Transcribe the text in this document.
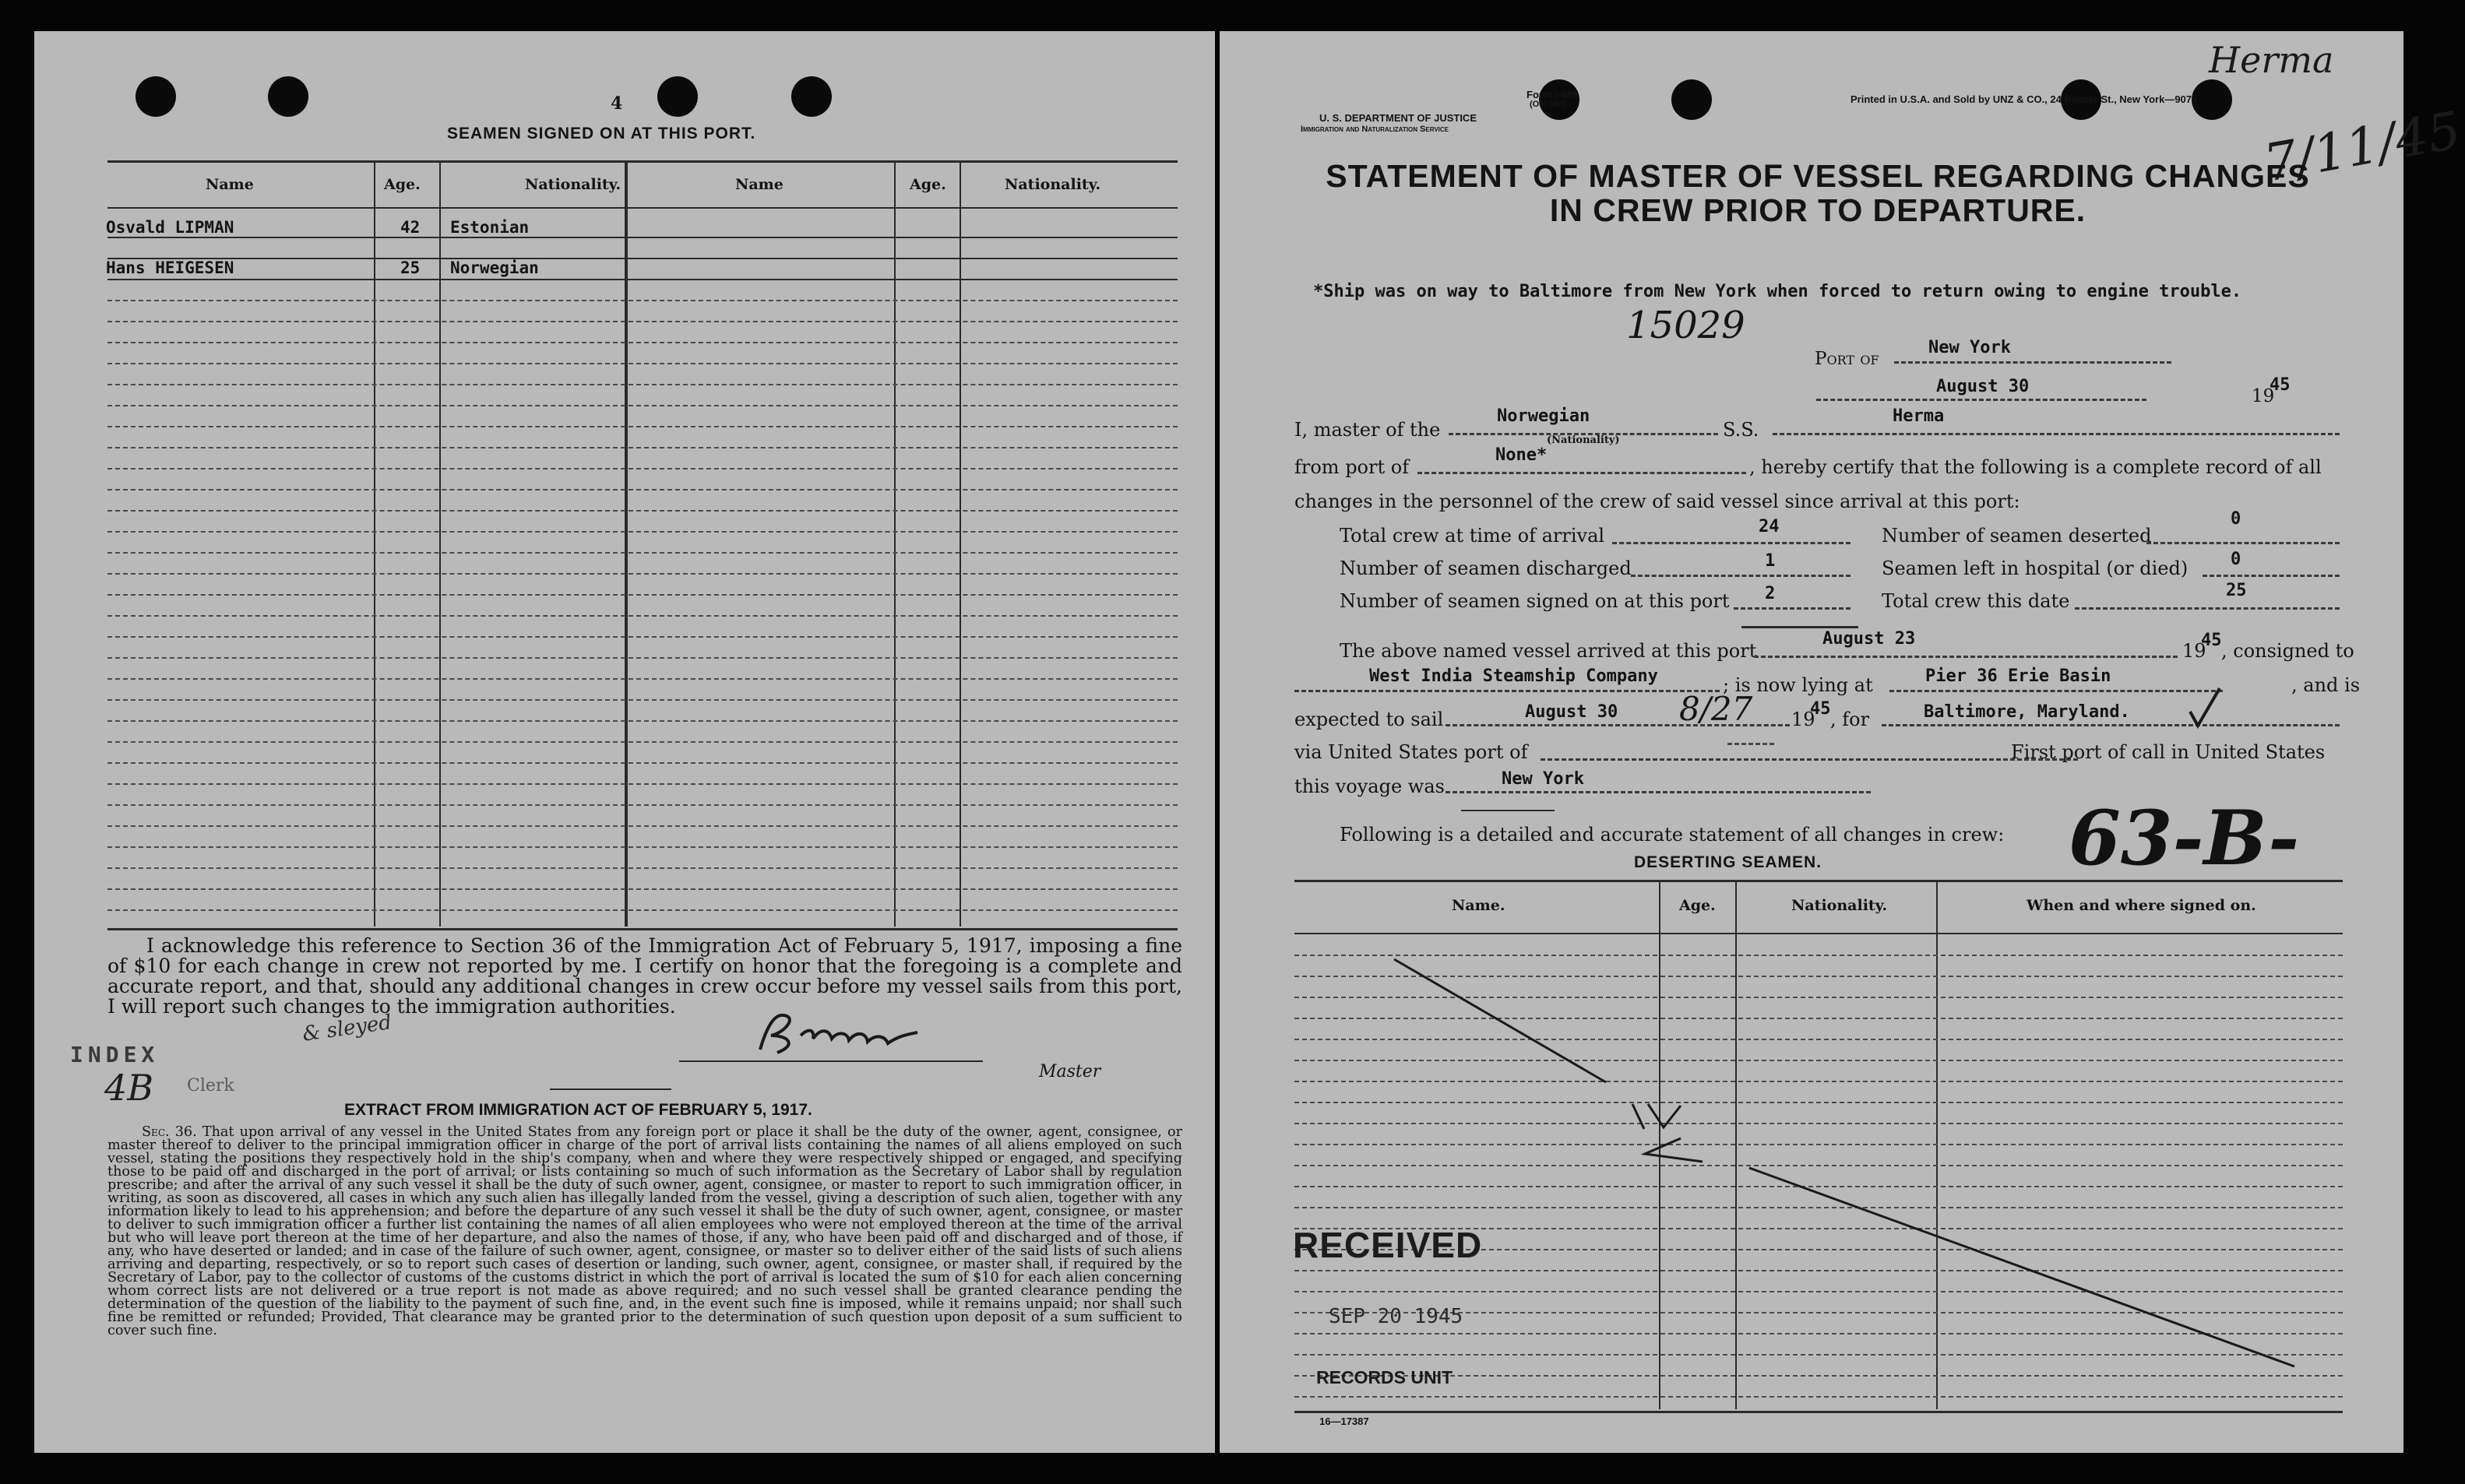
4
SEAMEN SIGNED ON AT THIS PORT.
Name	Age.	Nationality.	Name	Age.	Nationality.
Osvald LIPMAN	42 Estonian
Hans HEIGESEN	25 Norwegian
I acknowledge this reference to Section 36 of the Immigration Act of February 5, 1917, imposing a fine of $10 for each change in crew not reported by me. I certify on honor that the foregoing is a complete and accurate report, and that, should any additional changes in crew occur before my vessel sails from this port, I will report such changes to the immigration authorities.
Master
INDEX
4B Clerk
& sleyed
EXTRACT FROM IMMIGRATION ACT OF FEBRUARY 5, 1917.
Sec. 36. That upon arrival of any vessel in the United States from any foreign port or place it shall be the duty of the owner, agent, consignee, or master thereof to deliver to the principal immigration officer in charge of the port of arrival lists containing the names of all aliens employed on such vessel, stating the positions they respectively hold in the ship's company, when and where they were respectively shipped or engaged, and specifying those to be paid off and discharged in the port of arrival; or lists containing so much of such information as the Secretary of Labor shall by regulation prescribe; and after the arrival of any such vessel it shall be the duty of such owner, agent, consignee, or master to report to such immigration officer, in writing, as soon as discovered, all cases in which any such alien has illegally landed from the vessel, giving a description of such alien, together with any information likely to lead to his apprehension; and before the departure of any such vessel it shall be the duty of such owner, agent, consignee, or master to deliver to such immigration officer a further list containing the names of all alien employees who were not employed thereon at the time of the arrival but who will leave port thereon at the time of her departure, and also the names of those, if any, who have been paid off and discharged and of those, if any, who have deserted or landed; and in case of the failure of such owner, agent, consignee, or master so to deliver either of the said lists of such aliens arriving and departing, respectively, or so to report such cases of desertion or landing, such owner, agent, consignee, or master shall, if required by the Secretary of Labor, pay to the collector of customs of the customs district in which the port of arrival is located the sum of $10 for each alien concerning whom correct lists are not delivered or a true report is not made as above required; and no such vessel shall be granted clearance pending the determination of the question of the liability to the payment of such fine, and, in the event such fine is imposed, while it remains unpaid; nor shall such fine be remitted or refunded; Provided, That clearance may be granted prior to the determination of such question upon deposit of a sum sufficient to cover such fine.
Form I-489
(Old 689)
U. S. DEPARTMENT OF JUSTICE
Immigration and Naturalization Service
Printed in U.S.A. and Sold by UNZ & CO., 24 Beaver St., New York—9076
Herma
7/11/45
STATEMENT OF MASTER OF VESSEL REGARDING CHANGES
IN CREW PRIOR TO DEPARTURE.
*Ship was on way to Baltimore from New York when forced to return owing to engine trouble.
15029
Port of
New York
August 30	19
45
I, master of the
Norwegian
(Nationality)	S.S.
Herma
from port of
None*
, hereby certify that the following is a complete record of all
changes in the personnel of the crew of said vessel since arrival at this port:
Total crew at time of arrival	24
Number of seamen discharged	1
Number of seamen signed on at this port 2
Number of seamen deserted
0
Seamen left in hospital (or died) 0
Total crew this date	25
The above named vessel arrived at this port
August 23
19
45 , consigned to
West India Steamship Company	; is now lying at	Pier 36 Erie Basin	, and is
expected to sail	August 30 8/27 19
45 , for	Baltimore, Maryland.
via United States port of	First port of call in United States
this voyage was	New York
Following is a detailed and accurate statement of all changes in crew:
DESERTING SEAMEN.	63-B-
Name.	Age.	Nationality.	When and where signed on.
RECEIVED
SEP 20 1945
RECORDS UNIT
16—17387
